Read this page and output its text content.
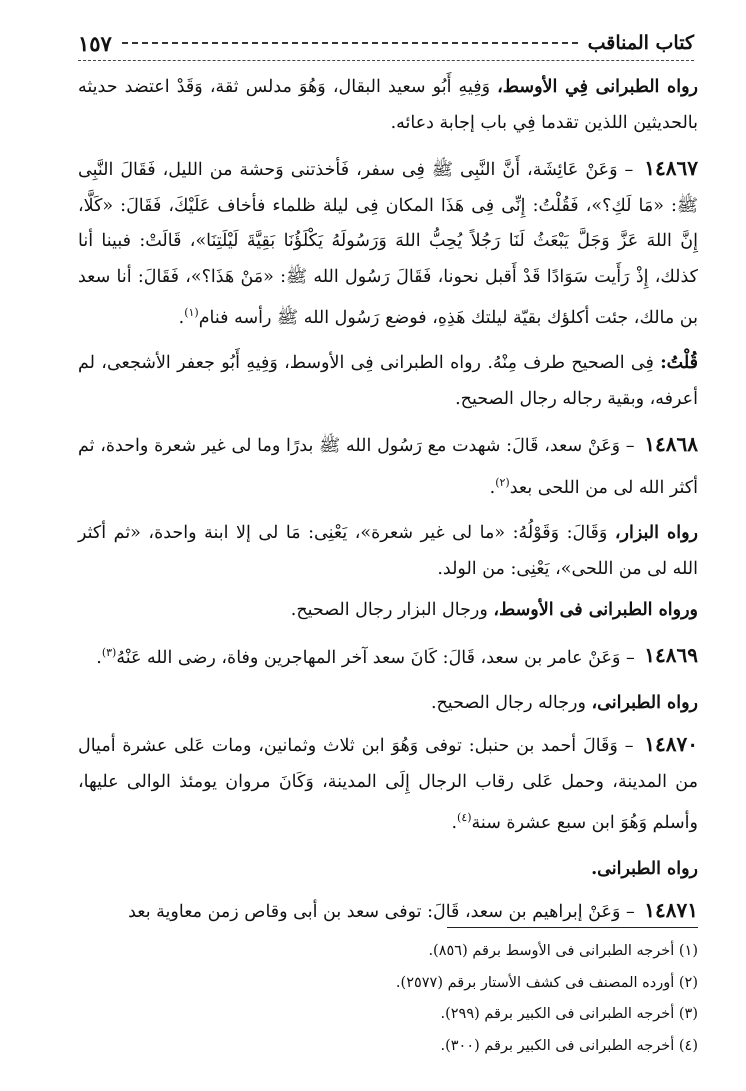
كتاب المناقب
١٥٧

رواه الطبرانى فِي الأوسط، وَفِيهِ أَبُو سعيد البقال، وَهُوَ مدلس ثقة، وَقَدْ اعتضد حديثه بالحديثين اللذين تقدما فِي باب إجابة دعائه.

١٤٨٦٧ – وَعَنْ عَائِشَة، أَنَّ النَّبِى ﷺ فِى سفر، فَأخذتنى وَحشة من الليل، فَقَالَ النَّبِى ﷺ: «مَا لَكِ؟»، فَقُلْتُ: إِنِّى فِى هَذَا المكان فِى ليلة ظلماء فأخاف عَلَيْكَ، فَقَالَ: «كَلَّا، إِنَّ اللهَ عَزَّ وَجَلَّ يَبْعَثُ لَنَا رَجُلاً يُحِبُّ اللهَ وَرَسُولَهُ يَكْلَؤُنَا بَقِيَّةَ لَيْلَتِنَا»، قَالَتْ: فبينا أنا كذلك، إِذْ رَأَيت سَوَادًا قَدْ أَقبل نحونا، فَقَالَ رَسُول الله ﷺ: «مَنْ هَذَا؟»، فَقَالَ: أنا سعد بن مالك، جئت أكلؤك بقيّة ليلتك هَذِهِ، فوضع رَسُول الله ﷺ رأسه فنام$^{(١)}$.

قُلْتُ: فِى الصحيح طرف مِنْهُ. رواه الطبرانى فِى الأوسط، وَفِيهِ أَبُو جعفر الأشجعى، لم أعرفه، وبقية رجاله رجال الصحيح.

١٤٨٦٨ – وَعَنْ سعد، قَالَ: شهدت مع رَسُول الله ﷺ بدرًا وما لى غير شعرة واحدة، ثم أكثر الله لى من اللحى بعد$^{(٢)}$.

رواه البزار، وَقَالَ: وَقَوْلُهُ: «ما لى غير شعرة»، يَعْنِى: مَا لى إلا ابنة واحدة، «ثم أكثر الله لى من اللحى»، يَعْنِى: من الولد.

ورواه الطبرانى فى الأوسط، ورجال البزار رجال الصحيح.

١٤٨٦٩ – وَعَنْ عامر بن سعد، قَالَ: كَانَ سعد آخر المهاجرين وفاة، رضى الله عَنْهُ$^{(٣)}$.

رواه الطبرانى، ورجاله رجال الصحيح.

١٤٨٧٠ – وَقَالَ أحمد بن حنبل: توفى وَهُوَ ابن ثلاث وثمانين، ومات عَلى عشرة أميال من المدينة، وحمل عَلى رقاب الرجال إِلَى المدينة، وَكَانَ مروان يومئذ الوالى عليها، وأسلم وَهُوَ ابن سبع عشرة سنة$^{(٤)}$.

رواه الطبرانى.

١٤٨٧١ – وَعَنْ إبراهيم بن سعد، قَالَ: توفى سعد بن أبى وقاص زمن معاوية بعد

(١) أخرجه الطبرانى فى الأوسط برقم (٨٥٦).

(٢) أورده المصنف فى كشف الأستار برقم (٢٥٧٧).

(٣) أخرجه الطبرانى فى الكبير برقم (٢٩٩).

(٤) أخرجه الطبرانى فى الكبير برقم (٣٠٠).
